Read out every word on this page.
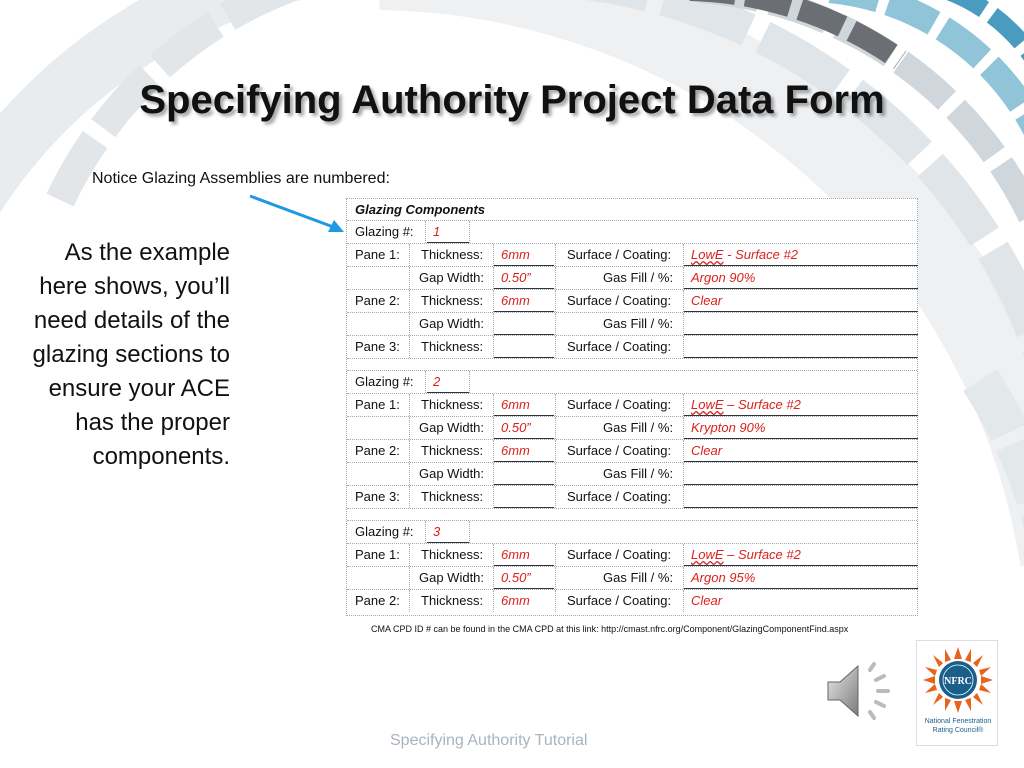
Specifying Authority Project Data Form
Notice Glazing Assemblies are numbered:
As the example here shows, you’ll need details of the glazing sections to ensure your ACE has the proper components.
Glazing Components
Glazing #: 1
Pane 1: Thickness: 6mm	Surface / Coating: LowE - Surface #2
Gap Width: 0.50”	Gas Fill / %: Argon 90%
Pane 2: Thickness: 6mm	Surface / Coating: Clear
Gap Width:	Gas Fill / %:
Pane 3: Thickness:	Surface / Coating:
Glazing #: 2
Pane 1: Thickness: 6mm	Surface / Coating: LowE – Surface #2
Gap Width: 0.50”	Gas Fill / %: Krypton 90%
Pane 2: Thickness: 6mm	Surface / Coating: Clear
Gap Width:	Gas Fill / %:
Pane 3: Thickness:	Surface / Coating:
Glazing #: 3
Pane 1: Thickness: 6mm	Surface / Coating: LowE – Surface #2
Gap Width: 0.50”	Gas Fill / %: Argon 95%
Pane 2: Thickness: 6mm	Surface / Coating: Clear
CMA CPD ID # can be found in the CMA CPD at this link: http://cmast.nfrc.org/Component/GlazingComponentFind.aspx
Specifying Authority Tutorial
NFRC
National Fenestration
Rating Council®
